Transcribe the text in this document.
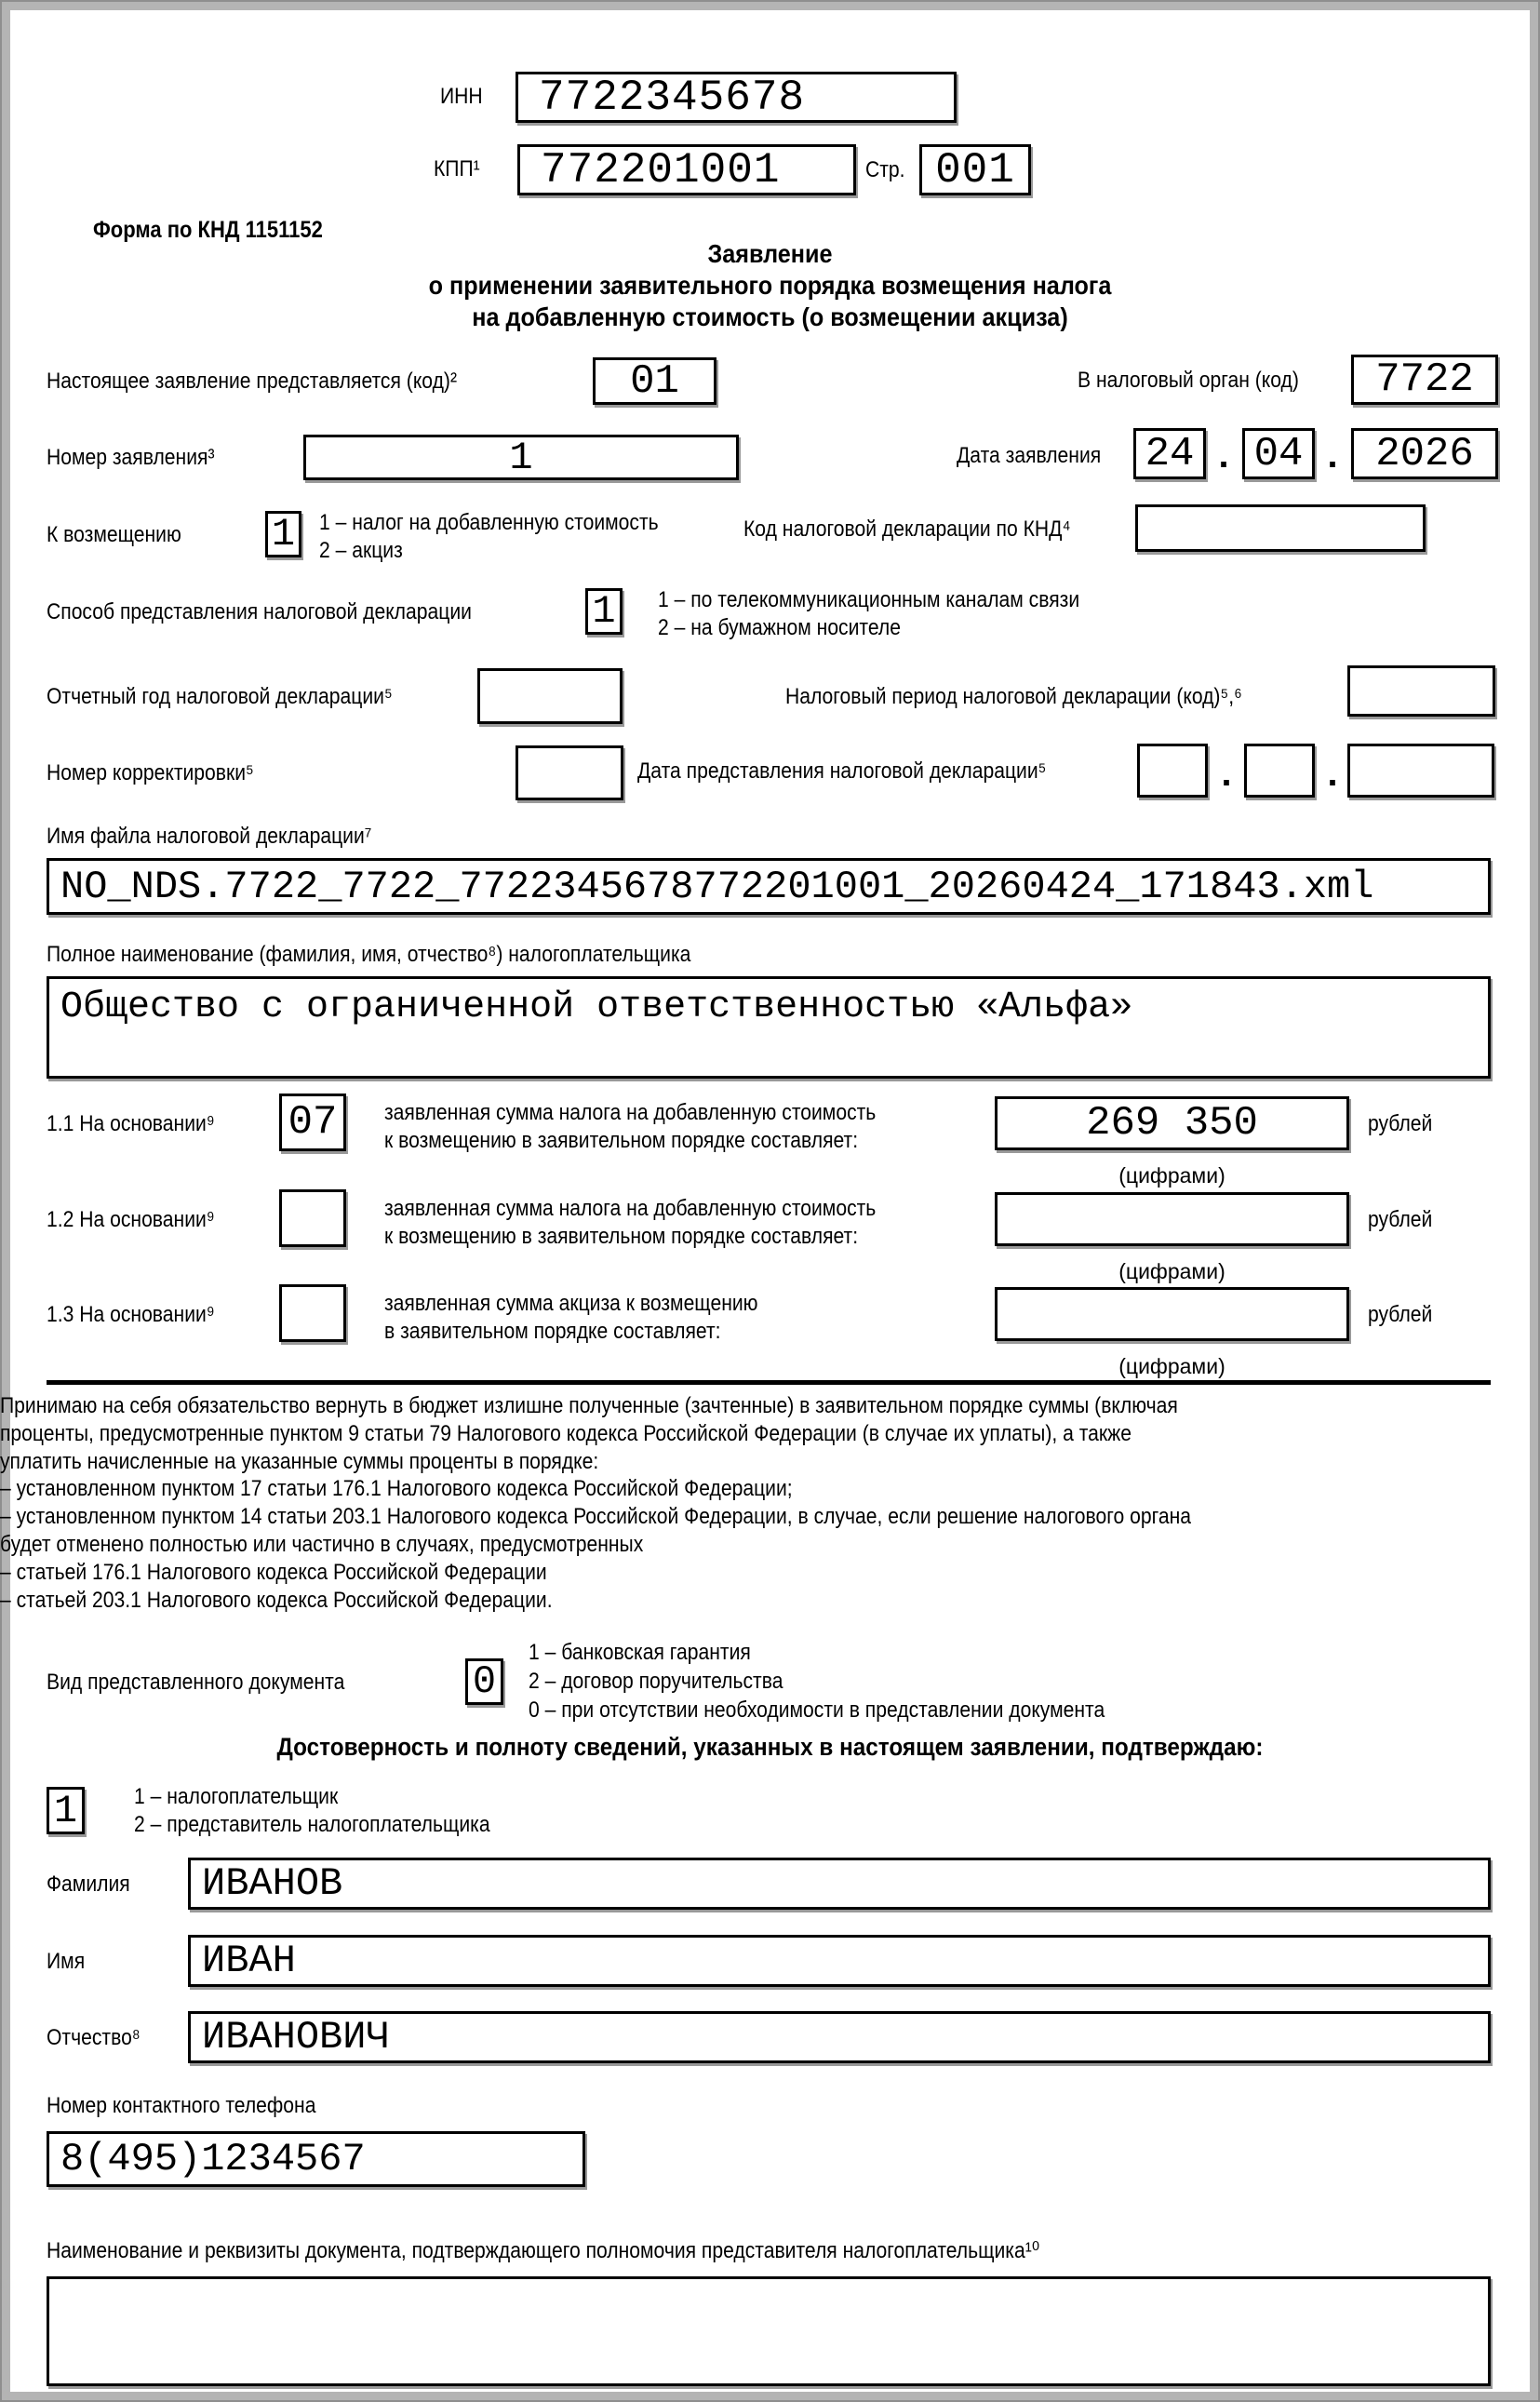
ИНН 7722345678
КПП¹ 772201001	Стр. 001
Форма по КНД 1151152
Заявление
о применении заявительного порядка возмещения налога
на добавленную стоимость (о возмещении акциза)
Настоящее заявление представляется (код)²	01	В налоговый орган (код) 7722
Номер заявления³	1	Дата заявления 24 . 04 . 2026
К возмещению 1 1 – налог на добавленную стоимость
2 – акциз
Код налоговой декларации по КНД⁴
Способ представления налоговой декларации	1 1 – по телекоммуникационным каналам связи
2 – на бумажном носителе
Отчетный год налоговой декларации⁵	Налоговый период налоговой декларации (код)⁵,⁶
Номер корректировки⁵	Дата представления налоговой декларации⁵	. .
Имя файла налоговой декларации⁷
NO_NDS.7722_7722_7722345678772201001_20260424_171843.xml
Полное наименование (фамилия, имя, отчество⁸) налогоплательщика
Общество с ограниченной ответственностью «Альфа»
1.1 На основании⁹ 07 заявленная сумма налога на добавленную стоимость
к возмещению в заявительном порядке составляет:	269 350	рублей
(цифрами)
1.2 На основании⁹	заявленная сумма налога на добавленную стоимость
к возмещению в заявительном порядке составляет:
рублей
(цифрами)
1.3 На основании⁹	заявленная сумма акциза к возмещению
в заявительном порядке составляет:
рублей
(цифрами)
Принимаю на себя обязательство вернуть в бюджет излишне полученные (зачтенные) в заявительном порядке суммы (включая
проценты, предусмотренные пунктом 9 статьи 79 Налогового кодекса Российской Федерации (в случае их уплаты), а также
уплатить начисленные на указанные суммы проценты в порядке:
– установленном пунктом 17 статьи 176.1 Налогового кодекса Российской Федерации;
– установленном пунктом 14 статьи 203.1 Налогового кодекса Российской Федерации, в случае, если решение налогового органа
будет отменено полностью или частично в случаях, предусмотренных
– статьей 176.1 Налогового кодекса Российской Федерации
– статьей 203.1 Налогового кодекса Российской Федерации.
Вид представленного документа	0
1 – банковская гарантия
2 – договор поручительства
0 – при отсутствии необходимости в представлении документа
Достоверность и полноту сведений, указанных в настоящем заявлении, подтверждаю:
1	1 – налогоплательщик
2 – представитель налогоплательщика
Фамилия ИВАНОВ
Имя	ИВАН
Отчество⁸ ИВАНОВИЧ
Номер контактного телефона
8(495)1234567
Наименование и реквизиты документа, подтверждающего полномочия представителя налогоплательщика¹⁰
